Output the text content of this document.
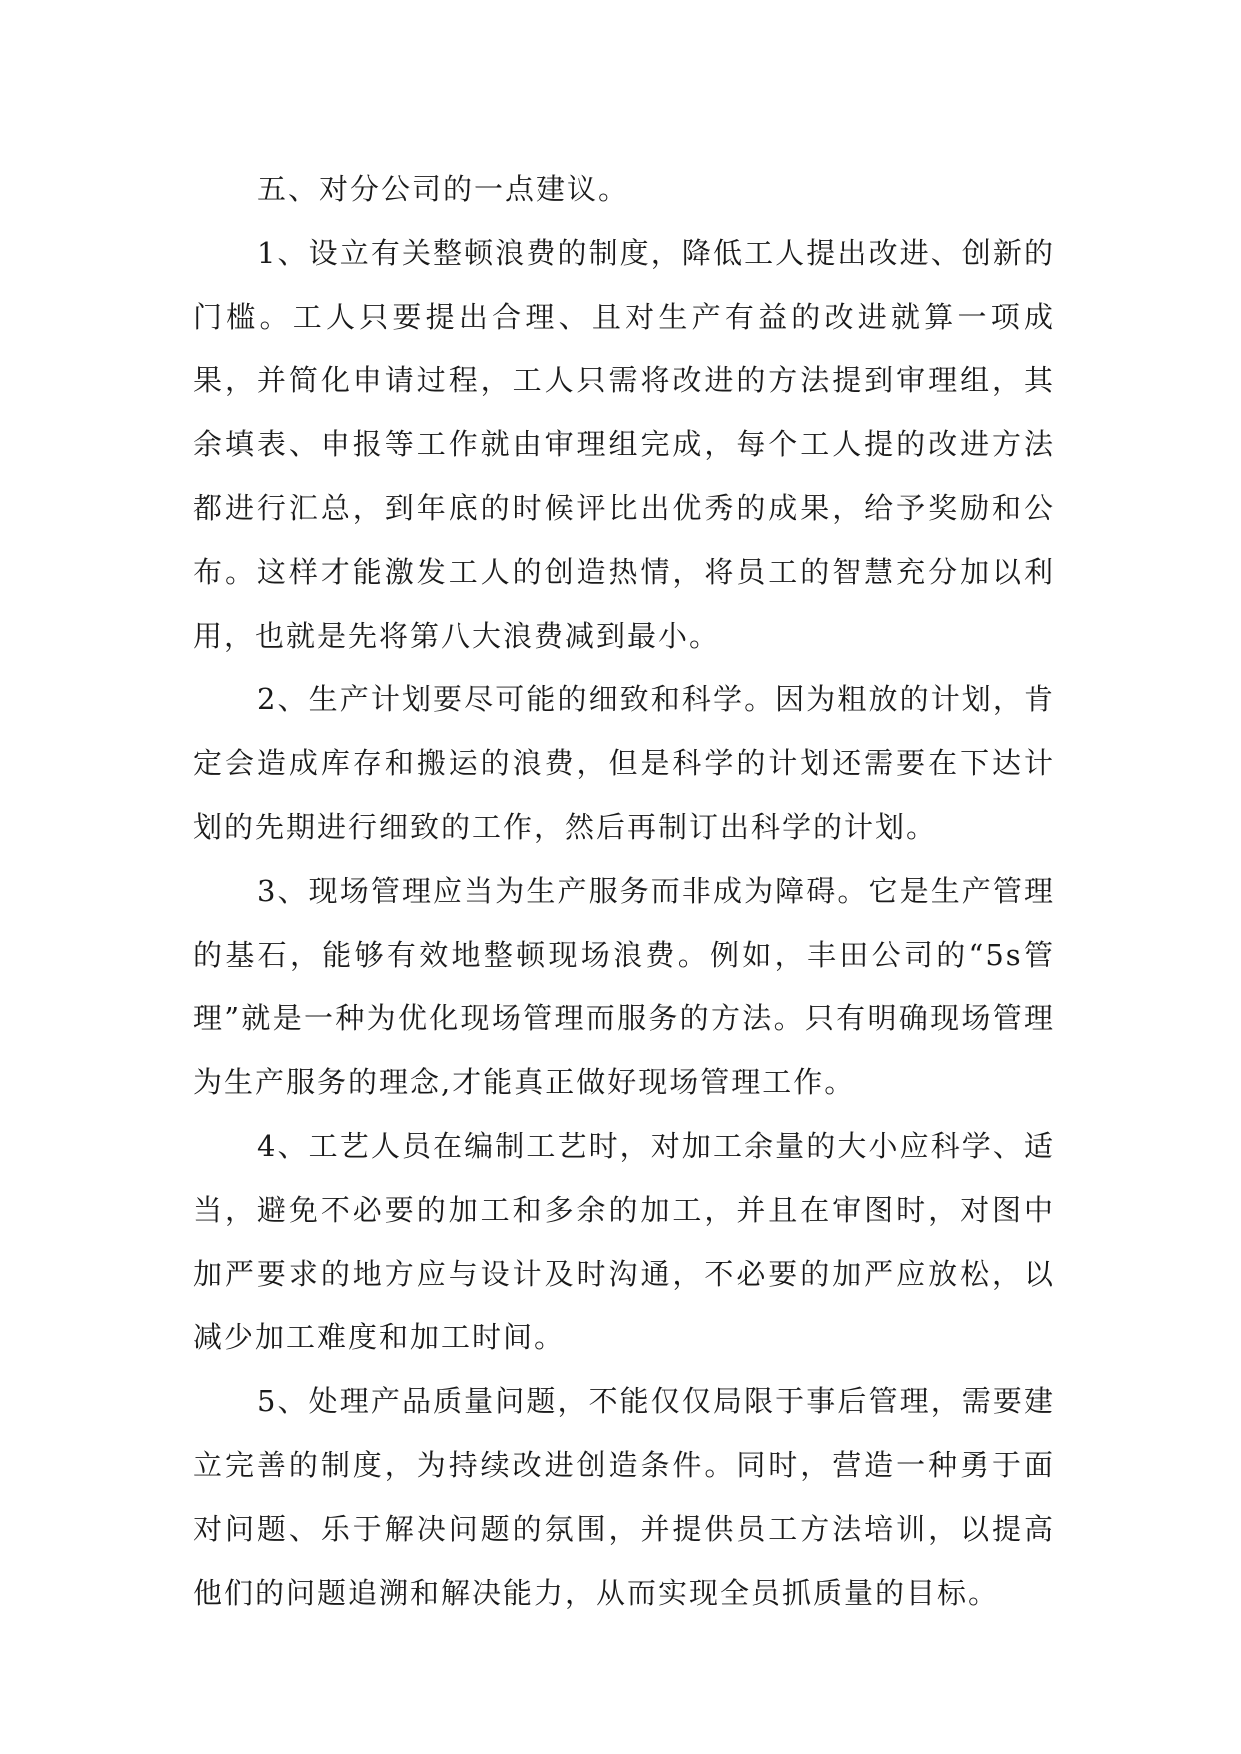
五、对分公司的一点建议。

1、设立有关整顿浪费的制度，降低工人提出改进、创新的门槛。工人只要提出合理、且对生产有益的改进就算一项成果，并简化申请过程，工人只需将改进的方法提到审理组，其余填表、申报等工作就由审理组完成，每个工人提的改进方法都进行汇总，到年底的时候评比出优秀的成果，给予奖励和公布。这样才能激发工人的创造热情，将员工的智慧充分加以利用，也就是先将第八大浪费减到最小。

2、生产计划要尽可能的细致和科学。因为粗放的计划，肯定会造成库存和搬运的浪费，但是科学的计划还需要在下达计划的先期进行细致的工作，然后再制订出科学的计划。

3、现场管理应当为生产服务而非成为障碍。它是生产管理的基石，能够有效地整顿现场浪费。例如，丰田公司的“5s管理”就是一种为优化现场管理而服务的方法。只有明确现场管理为生产服务的理念,才能真正做好现场管理工作。

4、工艺人员在编制工艺时，对加工余量的大小应科学、适当，避免不必要的加工和多余的加工，并且在审图时，对图中加严要求的地方应与设计及时沟通，不必要的加严应放松，以减少加工难度和加工时间。

5、处理产品质量问题，不能仅仅局限于事后管理，需要建立完善的制度，为持续改进创造条件。同时，营造一种勇于面对问题、乐于解决问题的氛围，并提供员工方法培训，以提高他们的问题追溯和解决能力，从而实现全员抓质量的目标。
